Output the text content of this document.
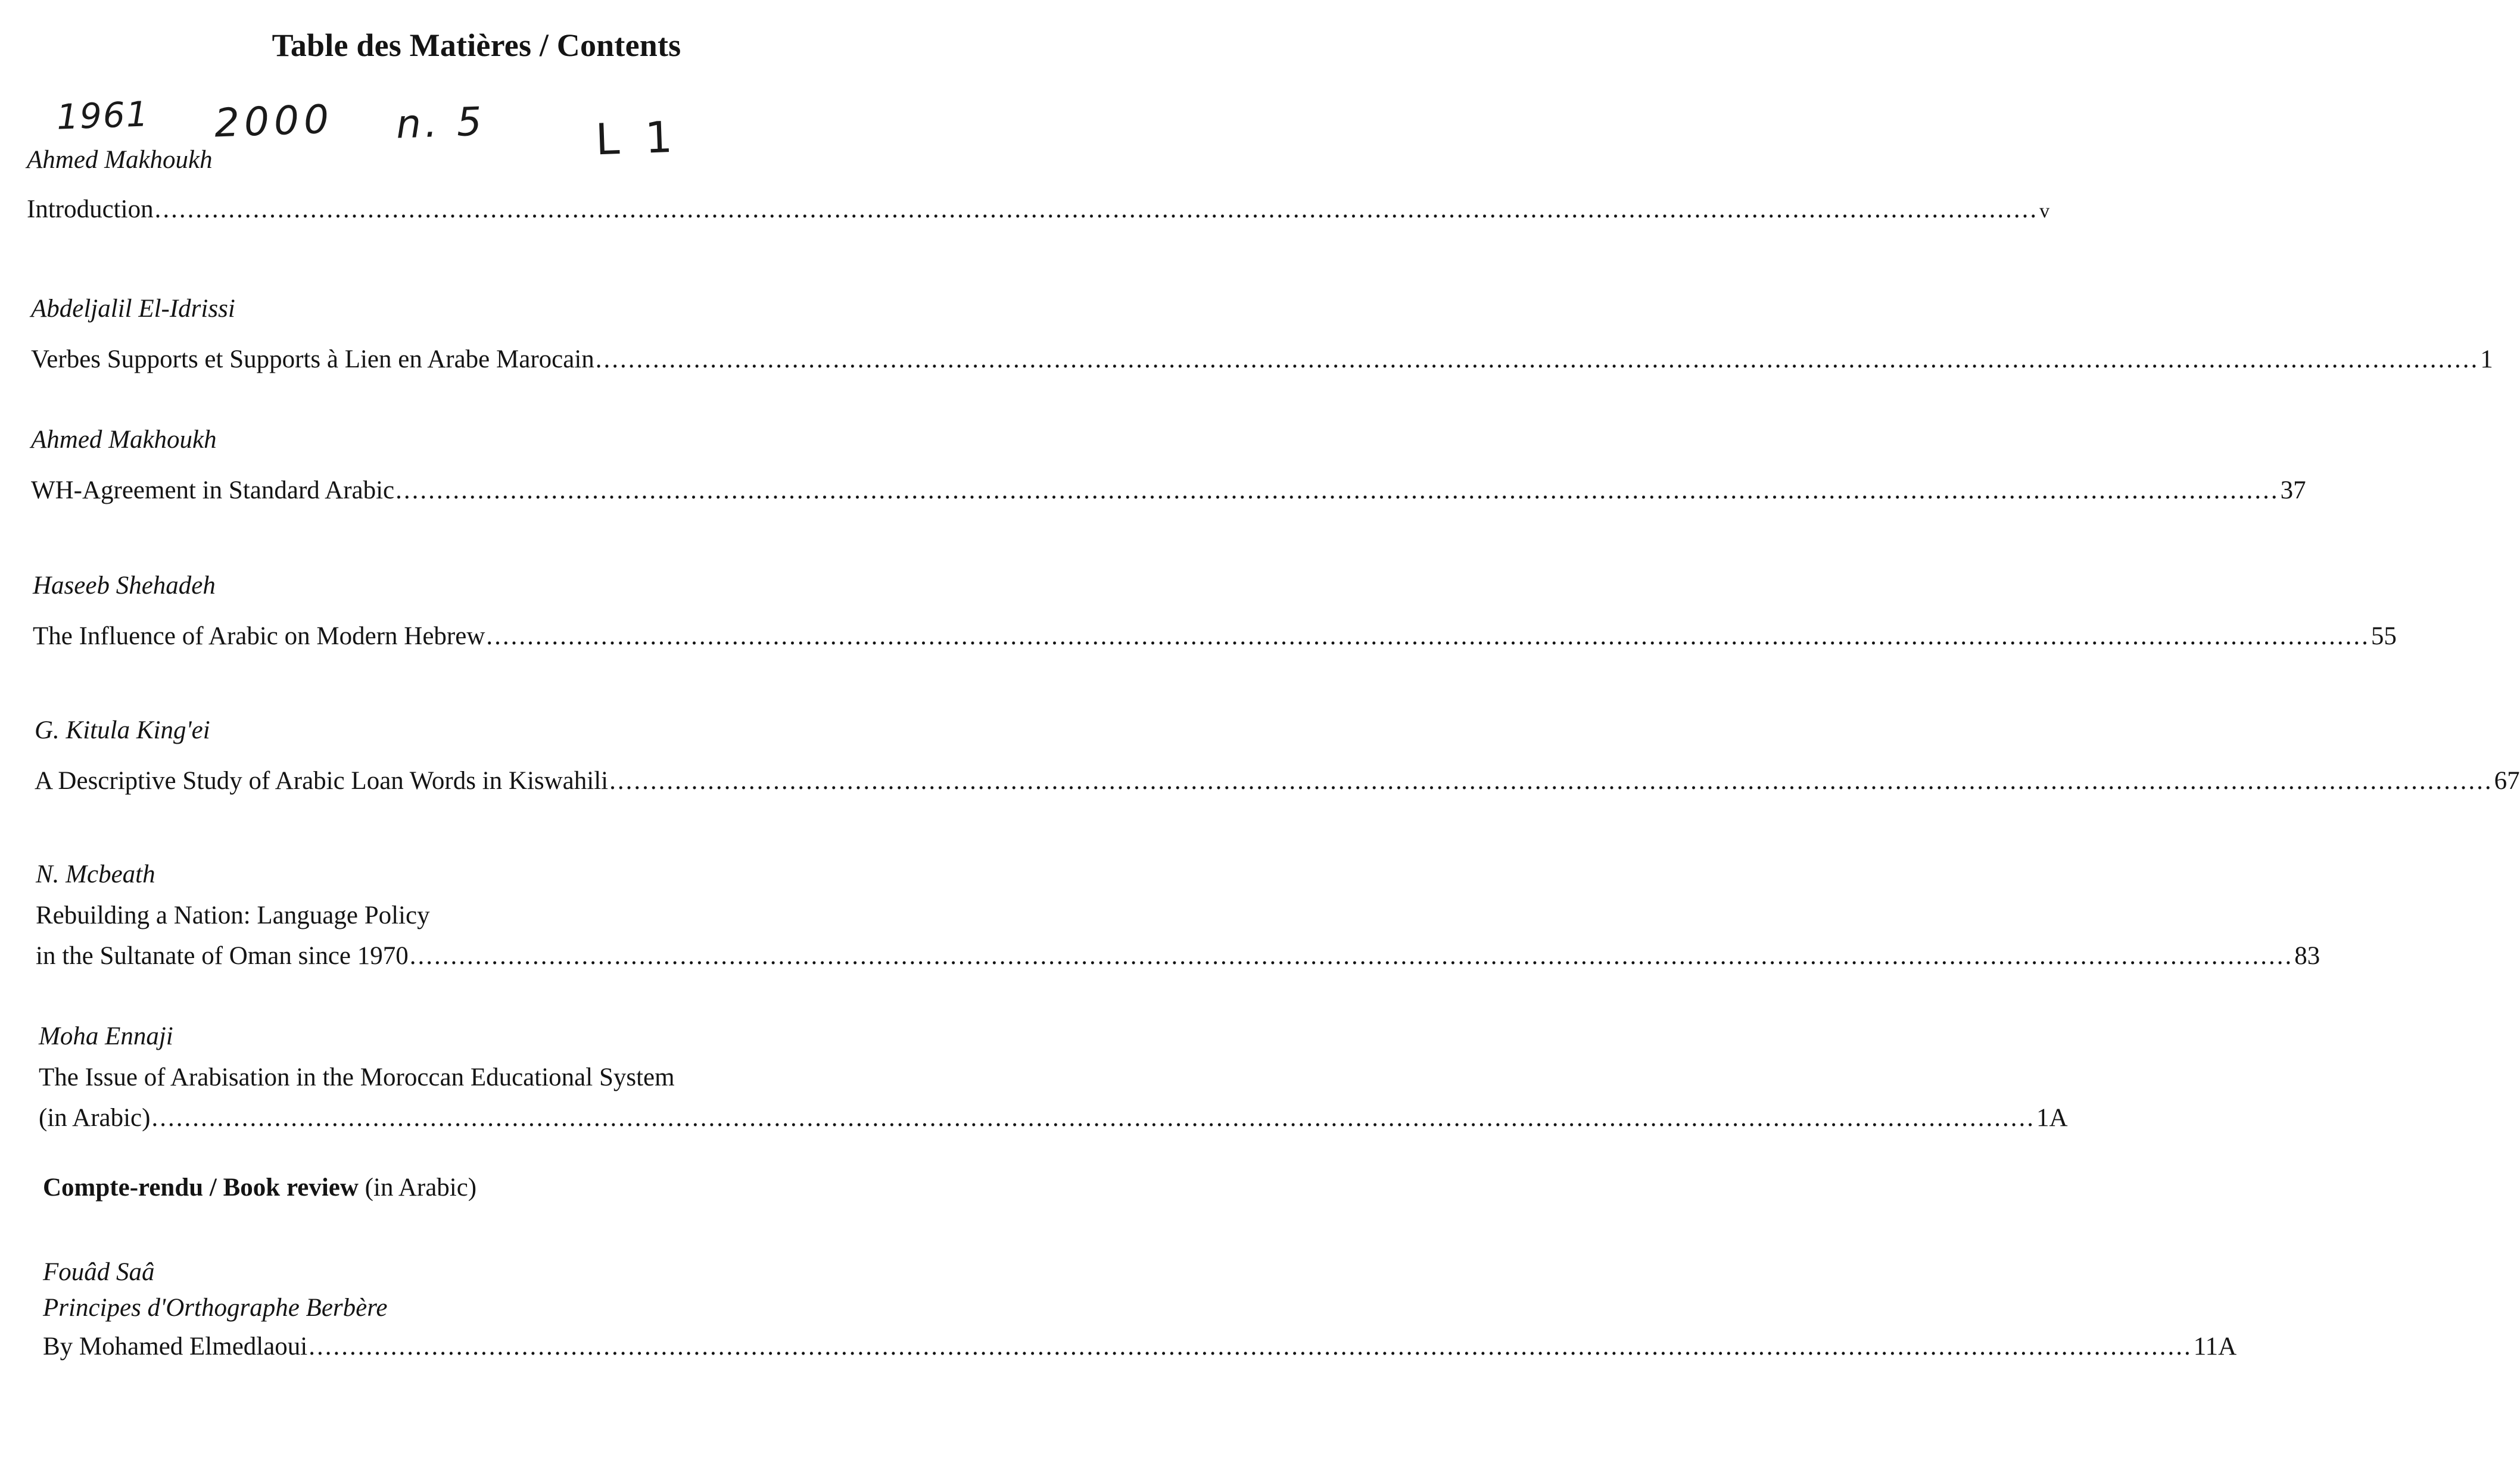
Table des Matières / Contents
1961 2000 n. 5	L 1
Ahmed Makhoukh
Introduction ...................................................................................................................................................................................................................................... v
Abdeljalil El-Idrissi
Verbes Supports et Supports à Lien en Arabe Marocain ...................................................................................................................................................................................................................................... 1
Ahmed Makhoukh
WH-Agreement in Standard Arabic ...................................................................................................................................................................................................................................... 37
Haseeb Shehadeh
The Influence of Arabic on Modern Hebrew ...................................................................................................................................................................................................................................... 55
G. Kitula King'ei
A Descriptive Study of Arabic Loan Words in Kiswahili ...................................................................................................................................................................................................................................... 67
N. Mcbeath
Rebuilding a Nation: Language Policy
in the Sultanate of Oman since 1970 ...................................................................................................................................................................................................................................... 83
Moha Ennaji
The Issue of Arabisation in the Moroccan Educational System
(in Arabic) ...................................................................................................................................................................................................................................... 1A
Compte-rendu / Book review (in Arabic)
Fouâd Saâ
Principes d'Orthographe Berbère
By Mohamed Elmedlaoui ...................................................................................................................................................................................................................................... 11A
